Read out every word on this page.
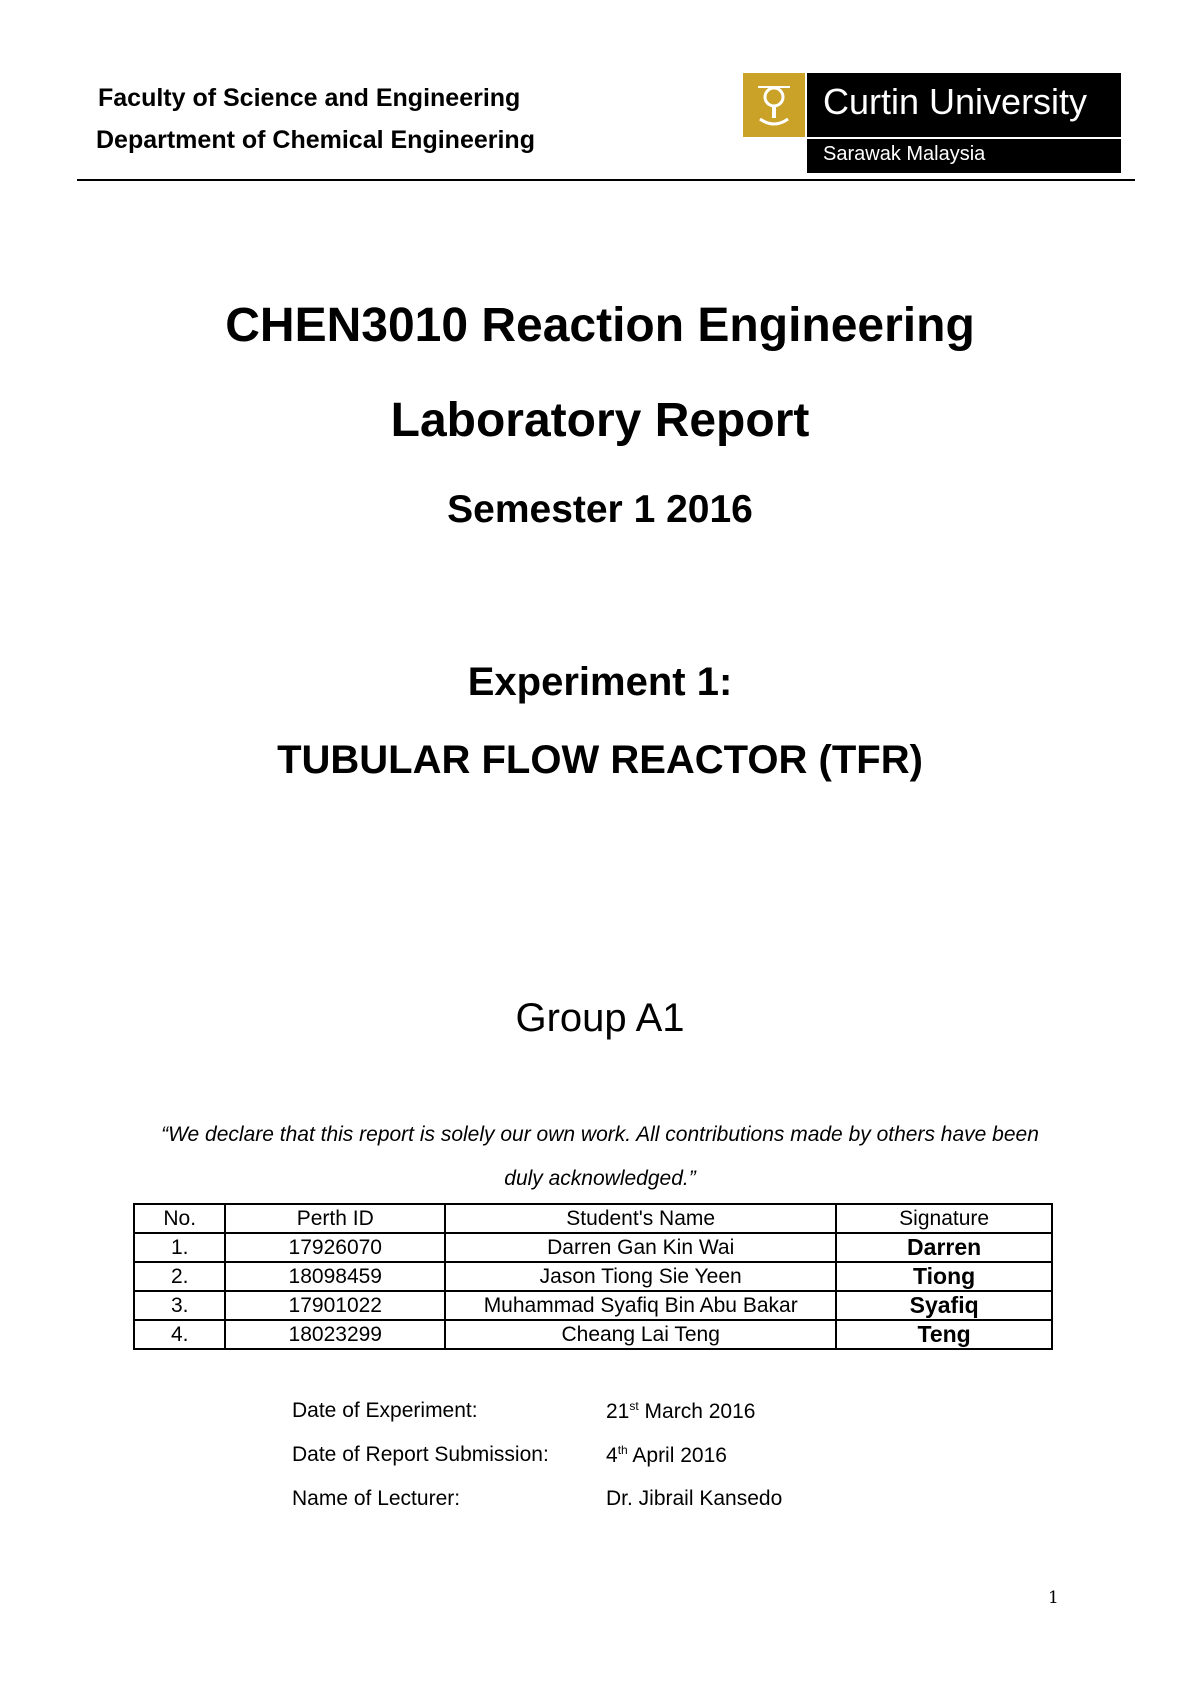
Faculty of Science and Engineering
Department of Chemical Engineering
Curtin University
Sarawak Malaysia
CHEN3010 Reaction Engineering
Laboratory Report
Semester 1 2016
Experiment 1:
TUBULAR FLOW REACTOR (TFR)
Group A1
“We declare that this report is solely our own work. All contributions made by others have been duly acknowledged.”
No.	Perth ID	Student's Name	Signature
1.	17926070	Darren Gan Kin Wai	Darren
2.	18098459	Jason Tiong Sie Yeen	Tiong
3.	17901022	Muhammad Syafiq Bin Abu Bakar	Syafiq
4.	18023299	Cheang Lai Teng	Teng
Date of Experiment:	21st March 2016
Date of Report Submission:	4th April 2016
Name of Lecturer:	Dr. Jibrail Kansedo
1
